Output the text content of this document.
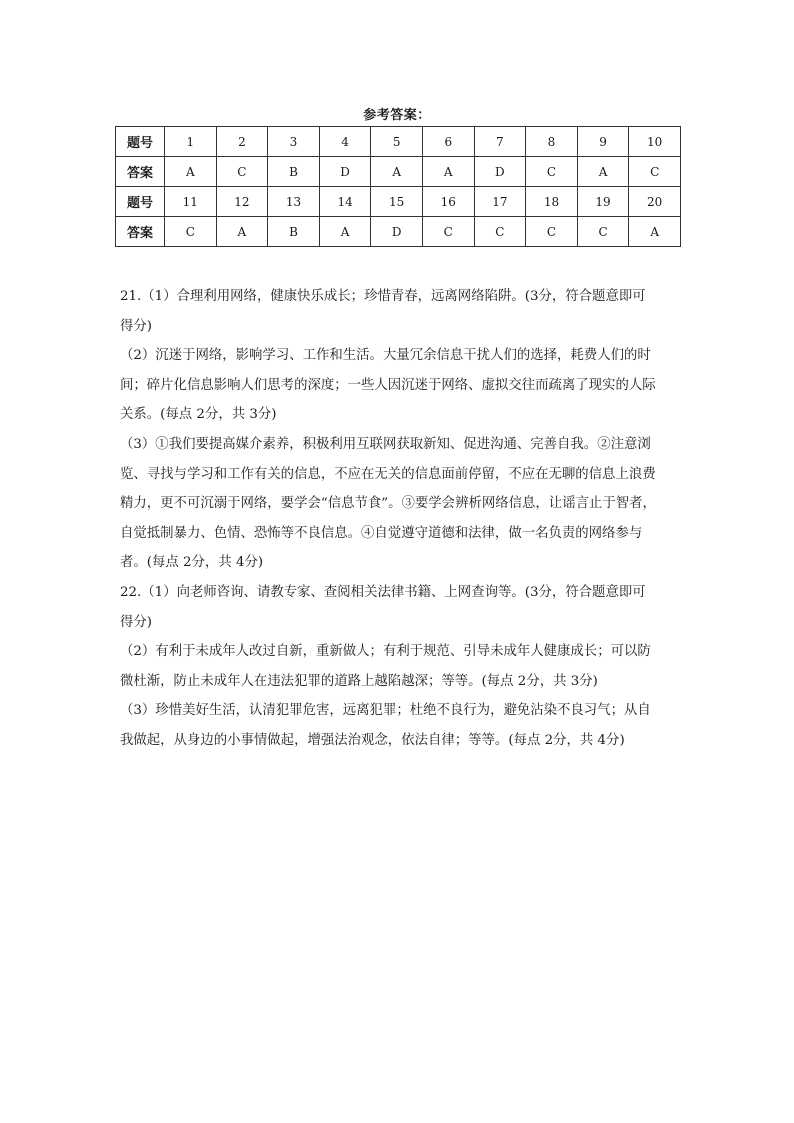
参考答案：
题号	1	2	3	4	5	6	7	8	9	10
答案	A	C	B	D	A	A	D	C	A	C
题号	11	12	13	14	15	16	17	18	19	20
答案	C	A	B	A	D	C	C	C	C	A

21.（1）合理利用网络，健康快乐成长；珍惜青春，远离网络陷阱。(3分，符合题意即可

得分)

（2）沉迷于网络，影响学习、工作和生活。大量冗余信息干扰人们的选择，耗费人们的时

间；碎片化信息影响人们思考的深度；一些人因沉迷于网络、虚拟交往而疏离了现实的人际

关系。(每点 2分，共 3分)

（3）①我们要提高媒介素养，积极利用互联网获取新知、促进沟通、完善自我。②注意浏

览、寻找与学习和工作有关的信息，不应在无关的信息面前停留，不应在无聊的信息上浪费

精力，更不可沉溺于网络，要学会“信息节食”。③要学会辨析网络信息，让谣言止于智者，

自觉抵制暴力、色情、恐怖等不良信息。④自觉遵守道德和法律，做一名负责的网络参与

者。(每点 2分，共 4分)

22.（1）向老师咨询、请教专家、查阅相关法律书籍、上网查询等。(3分，符合题意即可

得分)

（2）有利于未成年人改过自新，重新做人；有利于规范、引导未成年人健康成长；可以防

微杜渐，防止未成年人在违法犯罪的道路上越陷越深；等等。(每点 2分，共 3分)

（3）珍惜美好生活，认清犯罪危害，远离犯罪；杜绝不良行为，避免沾染不良习气；从自

我做起，从身边的小事情做起，增强法治观念，依法自律；等等。(每点 2分，共 4分)
